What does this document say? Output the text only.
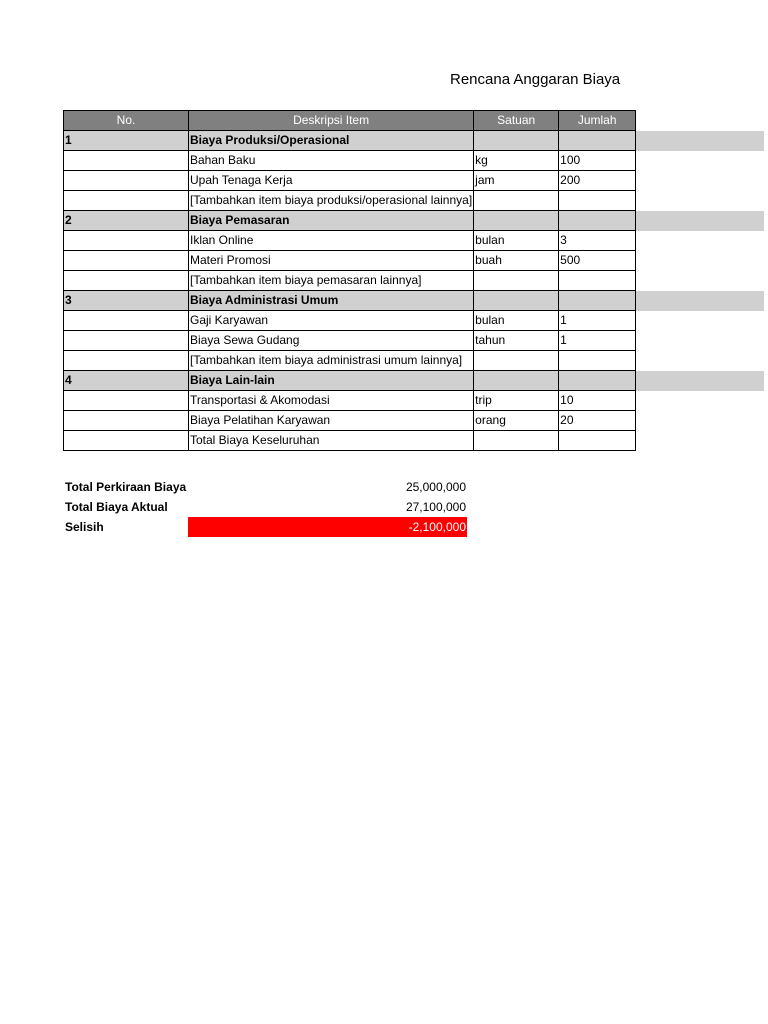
Rencana Anggaran Biaya
No.	Deskripsi Item	Satuan	Jumlah	
1	Biaya Produksi/Operasional			
	Bahan Baku	kg	100	
	Upah Tenaga Kerja	jam	200	
	[Tambahkan item biaya produksi/operasional lainnya]			
2	Biaya Pemasaran			
	Iklan Online	bulan	3	
	Materi Promosi	buah	500	
	[Tambahkan item biaya pemasaran lainnya]			
3	Biaya Administrasi Umum			
	Gaji Karyawan	bulan	1	
	Biaya Sewa Gudang	tahun	1	
	[Tambahkan item biaya administrasi umum lainnya]			
4	Biaya Lain-lain			
	Transportasi & Akomodasi	trip	10	
	Biaya Pelatihan Karyawan	orang	20	
	Total Biaya Keseluruhan			
Total Perkiraan Biaya	25,000,000
Total Biaya Aktual	27,100,000
Selisih	-2,100,000
